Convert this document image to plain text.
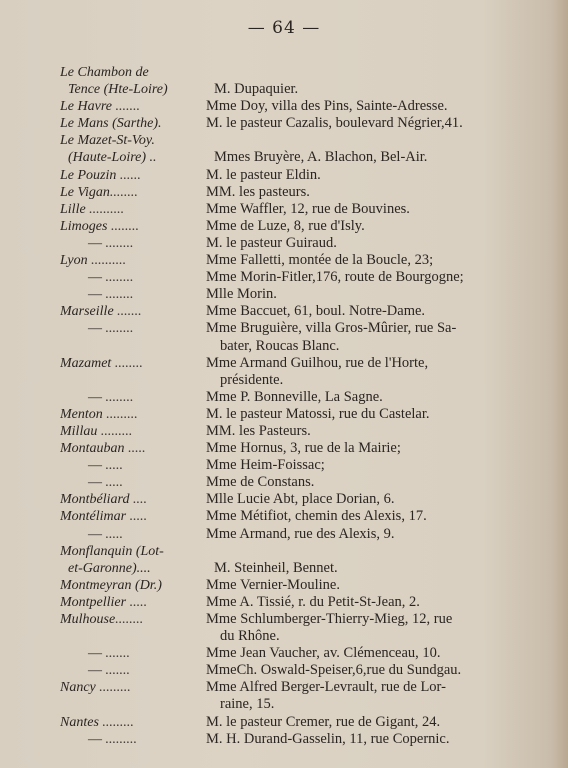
— 64 —
Le Chambon de
Tence (Hte-Loire)	M. Dupaquier.
Le Havre .......	Mme Doy, villa des Pins, Sainte-Adresse.
Le Mans (Sarthe).	M. le pasteur Cazalis, boulevard Négrier,41.
Le Mazet-St-Voy.
(Haute-Loire) ..	Mmes Bruyère, A. Blachon, Bel-Air.
Le Pouzin ......	M. le pasteur Eldin.
Le Vigan........	MM. les pasteurs.
Lille ..........	Mme Waffler, 12, rue de Bouvines.
Limoges ........	Mme de Luze, 8, rue d'Isly.
— ........	M. le pasteur Guiraud.
Lyon ..........	Mme Falletti, montée de la Boucle, 23;
— ........	Mme Morin-Fitler,176, route de Bourgogne;
— ........	Mlle Morin.
Marseille .......	Mme Baccuet, 61, boul. Notre-Dame.
— ........	Mme Bruguière, villa Gros-Mûrier, rue Sa-
bater, Roucas Blanc.
Mazamet ........	Mme Armand Guilhou, rue de l'Horte,
présidente.
— ........	Mme P. Bonneville, La Sagne.
Menton .........	M. le pasteur Matossi, rue du Castelar.
Millau .........	MM. les Pasteurs.
Montauban .....	Mme Hornus, 3, rue de la Mairie;
— .....	Mme Heim-Foissac;
— .....	Mme de Constans.
Montbéliard ....	Mlle Lucie Abt, place Dorian, 6.
Montélimar .....	Mme Métifiot, chemin des Alexis, 17.
— .....	Mme Armand, rue des Alexis, 9.
Monflanquin (Lot-
et-Garonne)....	M. Steinheil, Bennet.
Montmeyran (Dr.)	Mme Vernier-Mouline.
Montpellier .....	Mme A. Tissié, r. du Petit-St-Jean, 2.
Mulhouse........	Mme Schlumberger-Thierry-Mieg, 12, rue
du Rhône.
— .......	Mme Jean Vaucher, av. Clémenceau, 10.
— .......	MmeCh. Oswald-Speiser,6,rue du Sundgau.
Nancy .........	Mme Alfred Berger-Levrault, rue de Lor-
raine, 15.
Nantes .........	M. le pasteur Cremer, rue de Gigant, 24.
— .........	M. H. Durand-Gasselin, 11, rue Copernic.
